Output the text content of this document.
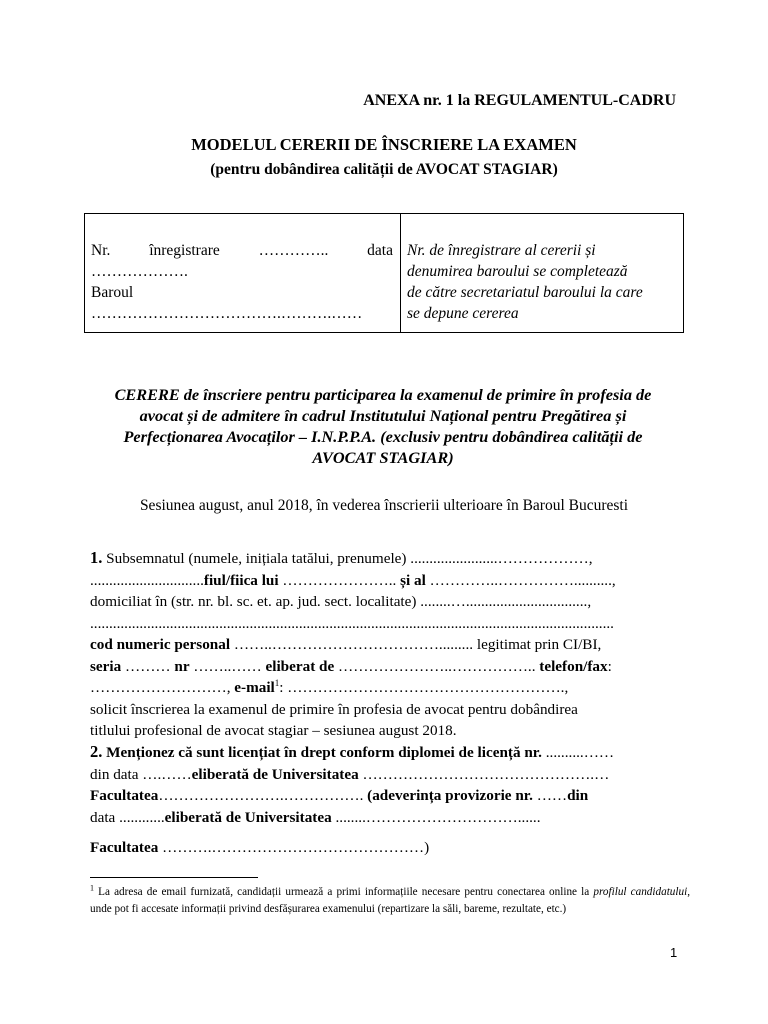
ANEXA nr. 1 la REGULAMENTUL-CADRU
MODELUL CERERII DE ÎNSCRIERE LA EXAMEN
(pentru dobândirea calității de AVOCAT STAGIAR)
Nr.	înregistrare	…………..	data
……………….
Baroul
……………………………….……….……
Nr. de înregistrare al cererii și
denumirea baroului se completează
de către secretariatul baroului la care
se depune cererea
CERERE de înscriere pentru participarea la examenul de primire în profesia de
avocat și de admitere în cadrul Institutului Național pentru Pregătirea și
Perfecționarea Avocaților – I.N.P.P.A. (exclusiv pentru dobândirea calității de
AVOCAT STAGIAR)
Sesiunea august, anul 2018, în vederea înscrierii ulterioare în Baroul Bucuresti
1. Subsemnatul (numele, inițiala tatălui, prenumele) .......................………………,
..............................fiul/fiica lui ………………….. și al …………..……………..........,
domiciliat în (str. nr. bl. sc. et. ap. jud. sect. localitate) ........…................................,
..........................................................................................................................................
cod numeric personal ……..……………………………......... legitimat prin CI/BI,
seria ……… nr ……..…… eliberat de …………………..…………….. telefon/fax:
………………………, e-mail$^1$: ……………………………………………….,
solicit înscrierea la examenul de primire în profesia de avocat pentru dobândirea
titlului profesional de avocat stagiar – sesiunea august 2018.
2. Menționez că sunt licențiat în drept conform diplomei de licență nr. ..........……
din data ….……eliberată de Universitatea ……………………………………….…
Facultatea…………………….……………. (adeverința provizorie nr. ……din
data ............eliberată de Universitatea ........…………………………......
Facultatea ……….……………………………………)
$^1$ La adresa de email furnizată, candidații urmează a primi informațiile necesare pentru conectarea online la profilul candidatului, unde pot fi accesate informații privind desfășurarea examenului (repartizare la săli, bareme, rezultate, etc.)
1
